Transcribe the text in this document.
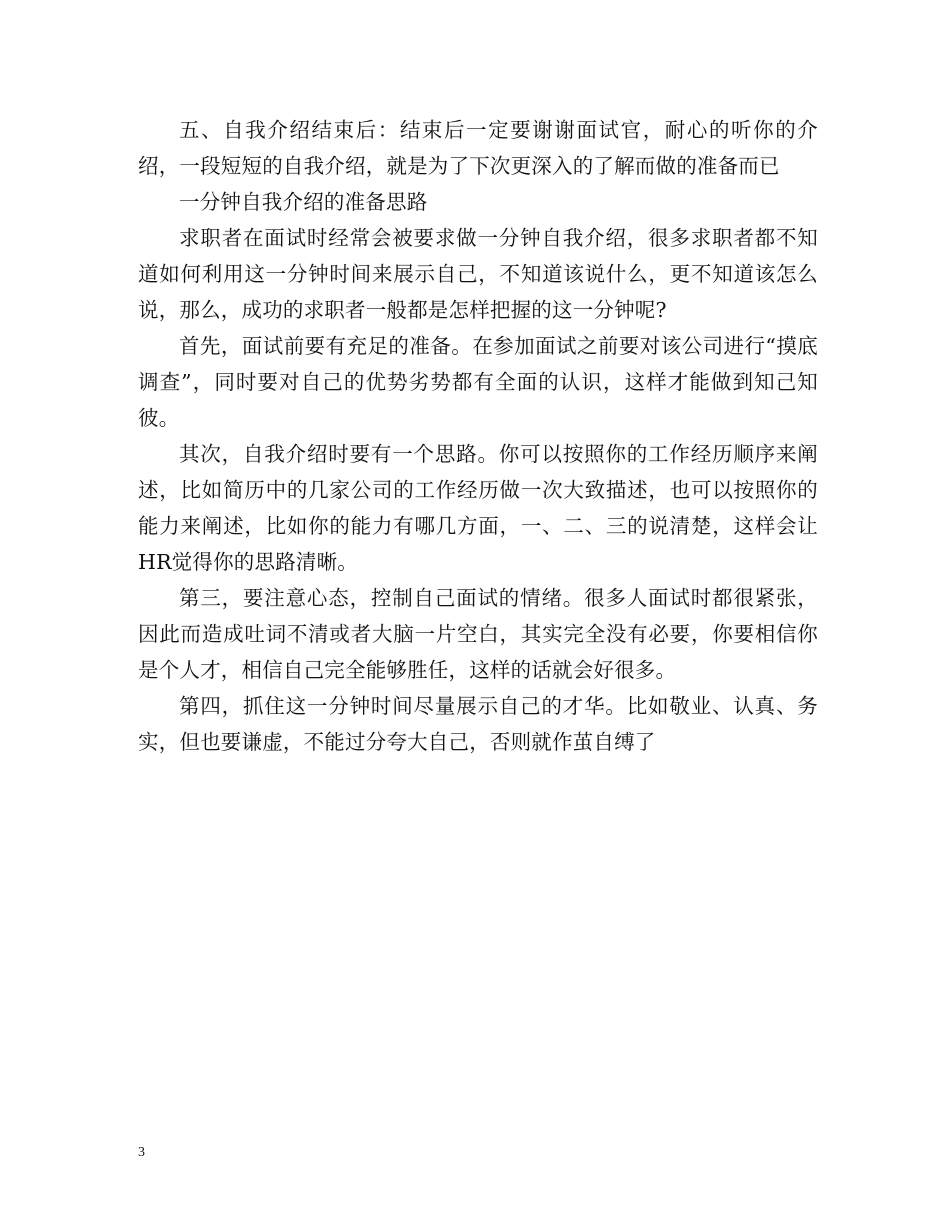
五、自我介绍结束后：结束后一定要谢谢面试官，耐心的听你的介绍，一段短短的自我介绍，就是为了下次更深入的了解而做的准备而已

一分钟自我介绍的准备思路

求职者在面试时经常会被要求做一分钟自我介绍，很多求职者都不知道如何利用这一分钟时间来展示自己，不知道该说什么，更不知道该怎么说，那么，成功的求职者一般都是怎样把握的这一分钟呢?

首先，面试前要有充足的准备。在参加面试之前要对该公司进行“摸底调查”，同时要对自己的优势劣势都有全面的认识，这样才能做到知己知彼。

其次，自我介绍时要有一个思路。你可以按照你的工作经历顺序来阐述，比如简历中的几家公司的工作经历做一次大致描述，也可以按照你的能力来阐述，比如你的能力有哪几方面，一、二、三的说清楚，这样会让HR觉得你的思路清晰。

第三，要注意心态，控制自己面试的情绪。很多人面试时都很紧张，因此而造成吐词不清或者大脑一片空白，其实完全没有必要，你要相信你是个人才，相信自己完全能够胜任，这样的话就会好很多。

第四，抓住这一分钟时间尽量展示自己的才华。比如敬业、认真、务实，但也要谦虚，不能过分夸大自己，否则就作茧自缚了

3
